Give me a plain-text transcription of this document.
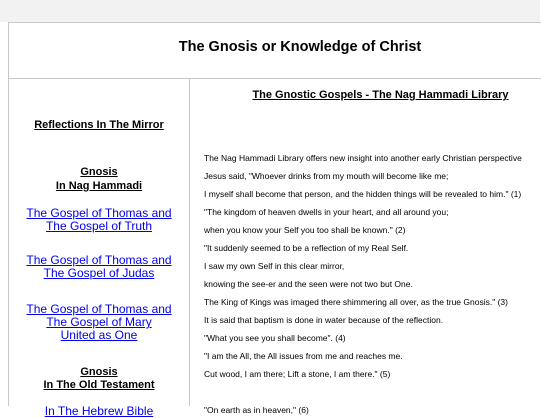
The Gnosis or Knowledge of Christ
Reflections In The Mirror
Gnosis
In Nag Hammadi
The Gospel of Thomas and
The Gospel of Truth
The Gospel of Thomas and
The Gospel of Judas
The Gospel of Thomas and
The Gospel of Mary
United as One
Gnosis
In The Old Testament
In The Hebrew Bible
The Gnostic Gospels - The Nag Hammadi Library
The Nag Hammadi Library offers new insight into another early Christian perspective
Jesus said, "Whoever drinks from my mouth will become like me;
I myself shall become that person, and the hidden things will be revealed to him." (1)
"The kingdom of heaven dwells in your heart, and all around you;
when you know your Self you too shall be known." (2)
"It suddenly seemed to be a reflection of my Real Self.
I saw my own Self in this clear mirror,
knowing the see-er and the seen were not two but One.
The King of Kings was imaged there shimmering all over, as the true Gnosis." (3)
It is said that baptism is done in water because of the reflection.
"What you see you shall become". (4)
"I am the All, the All issues from me and reaches me.
Cut wood, I am there; Lift a stone, I am there." (5)
"On earth as in heaven," (6)
